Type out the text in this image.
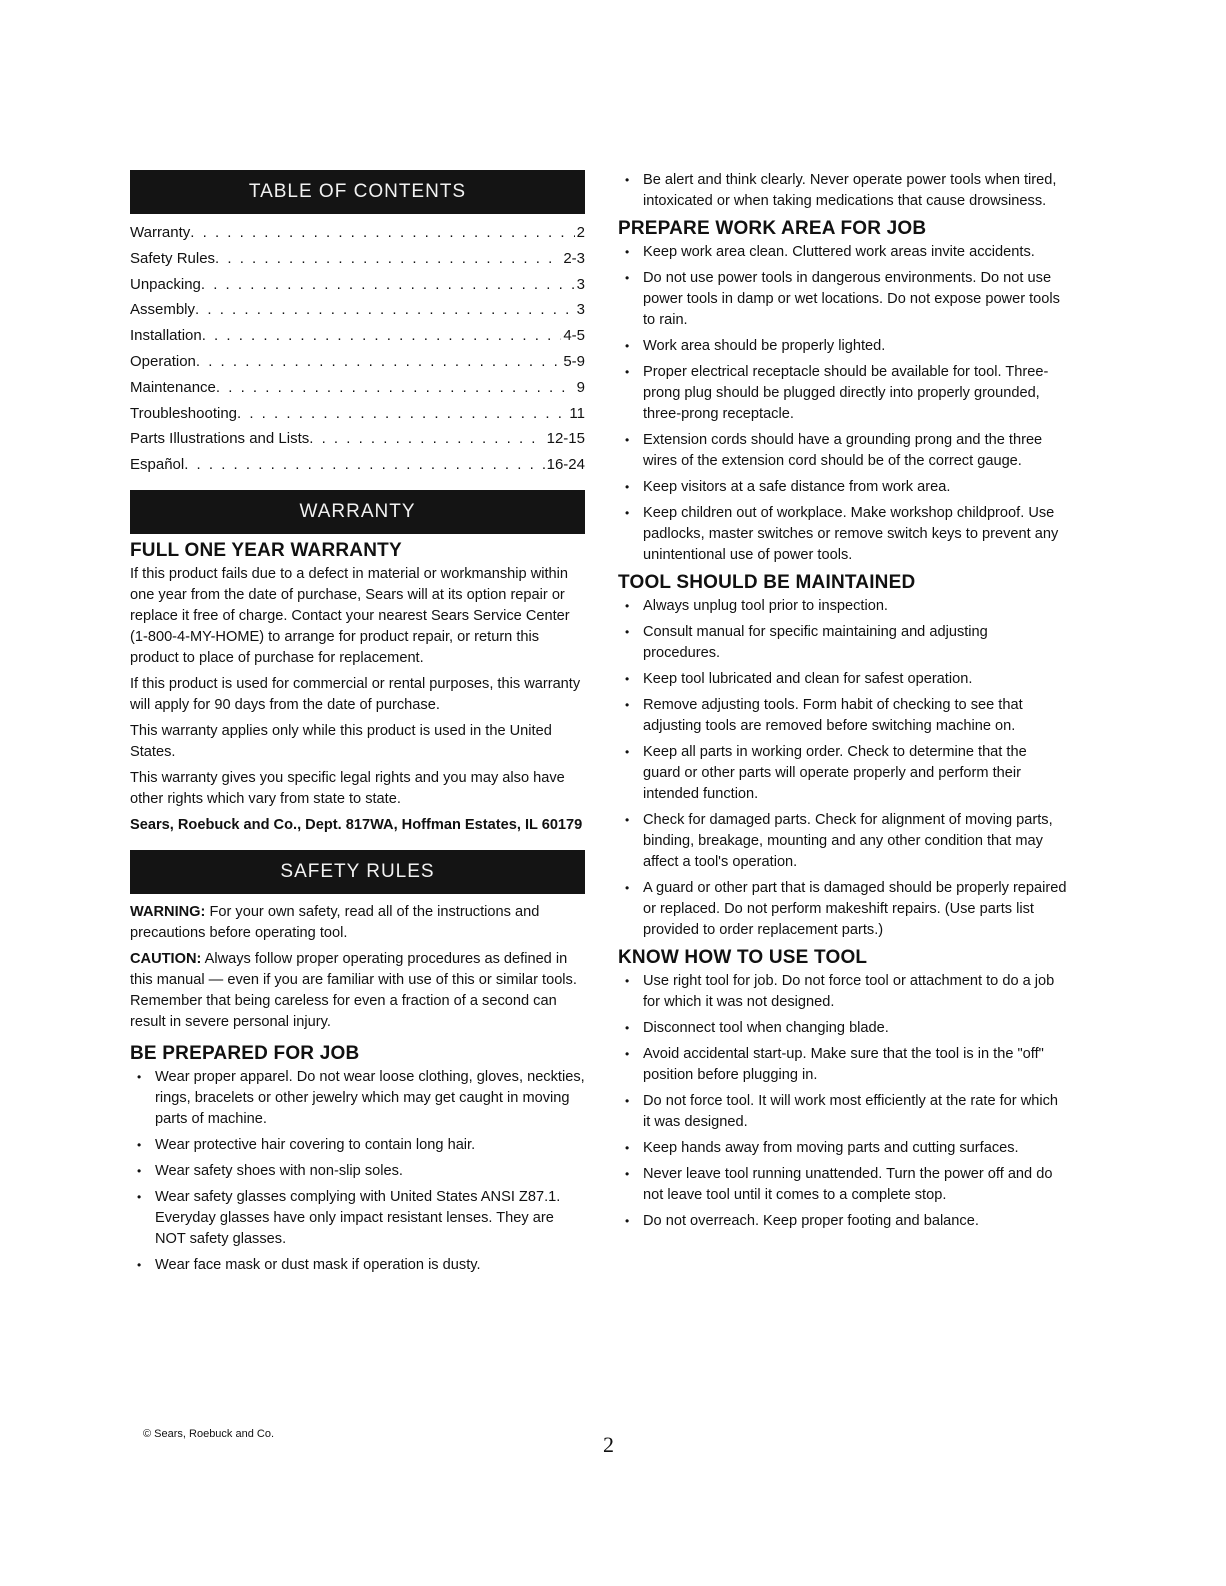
TABLE OF CONTENTS
Warranty . . .	2
Safety Rules . . .	2-3
Unpacking . . .	3
Assembly . . .	3
Installation . . .	4-5
Operation . . .	5-9
Maintenance . . .	9
Troubleshooting . . .	11
Parts Illustrations and Lists . . .	12-15
Español . . .	16-24
WARRANTY
FULL ONE YEAR WARRANTY

If this product fails due to a defect in material or workmanship within one year from the date of purchase, Sears will at its option repair or replace it free of charge. Contact your nearest Sears Service Center (1-800-4-MY-HOME) to arrange for product repair, or return this product to place of purchase for replacement.

If this product is used for commercial or rental purposes, this warranty will apply for 90 days from the date of purchase.

This warranty applies only while this product is used in the United States.

This warranty gives you specific legal rights and you may also have other rights which vary from state to state.

Sears, Roebuck and Co., Dept. 817WA, Hoffman Estates, IL 60179

SAFETY RULES

WARNING: For your own safety, read all of the instructions and precautions before operating tool.

CAUTION: Always follow proper operating procedures as defined in this manual — even if you are familiar with use of this or similar tools. Remember that being careless for even a fraction of a second can result in severe personal injury.

BE PREPARED FOR JOB
• Wear proper apparel. Do not wear loose clothing, gloves, neckties, rings, bracelets or other jewelry which may get caught in moving parts of machine.
• Wear protective hair covering to contain long hair.
• Wear safety shoes with non-slip soles.
• Wear safety glasses complying with United States ANSI Z87.1. Everyday glasses have only impact resistant lenses. They are NOT safety glasses.
• Wear face mask or dust mask if operation is dusty.
• Be alert and think clearly. Never operate power tools when tired, intoxicated or when taking medications that cause drowsiness.
PREPARE WORK AREA FOR JOB
• Keep work area clean. Cluttered work areas invite accidents.
• Do not use power tools in dangerous environments. Do not use power tools in damp or wet locations. Do not expose power tools to rain.
• Work area should be properly lighted.
• Proper electrical receptacle should be available for tool. Three-prong plug should be plugged directly into properly grounded, three-prong receptacle.
• Extension cords should have a grounding prong and the three wires of the extension cord should be of the correct gauge.
• Keep visitors at a safe distance from work area.
• Keep children out of workplace. Make workshop childproof. Use padlocks, master switches or remove switch keys to prevent any unintentional use of power tools.
TOOL SHOULD BE MAINTAINED
• Always unplug tool prior to inspection.
• Consult manual for specific maintaining and adjusting procedures.
• Keep tool lubricated and clean for safest operation.
• Remove adjusting tools. Form habit of checking to see that adjusting tools are removed before switching machine on.
• Keep all parts in working order. Check to determine that the guard or other parts will operate properly and perform their intended function.
• Check for damaged parts. Check for alignment of moving parts, binding, breakage, mounting and any other condition that may affect a tool's operation.
• A guard or other part that is damaged should be properly repaired or replaced. Do not perform makeshift repairs. (Use parts list provided to order replacement parts.)
KNOW HOW TO USE TOOL
• Use right tool for job. Do not force tool or attachment to do a job for which it was not designed.
• Disconnect tool when changing blade.
• Avoid accidental start-up. Make sure that the tool is in the "off" position before plugging in.
• Do not force tool. It will work most efficiently at the rate for which it was designed.
• Keep hands away from moving parts and cutting surfaces.
• Never leave tool running unattended. Turn the power off and do not leave tool until it comes to a complete stop.
• Do not overreach. Keep proper footing and balance.
© Sears, Roebuck and Co.	2
